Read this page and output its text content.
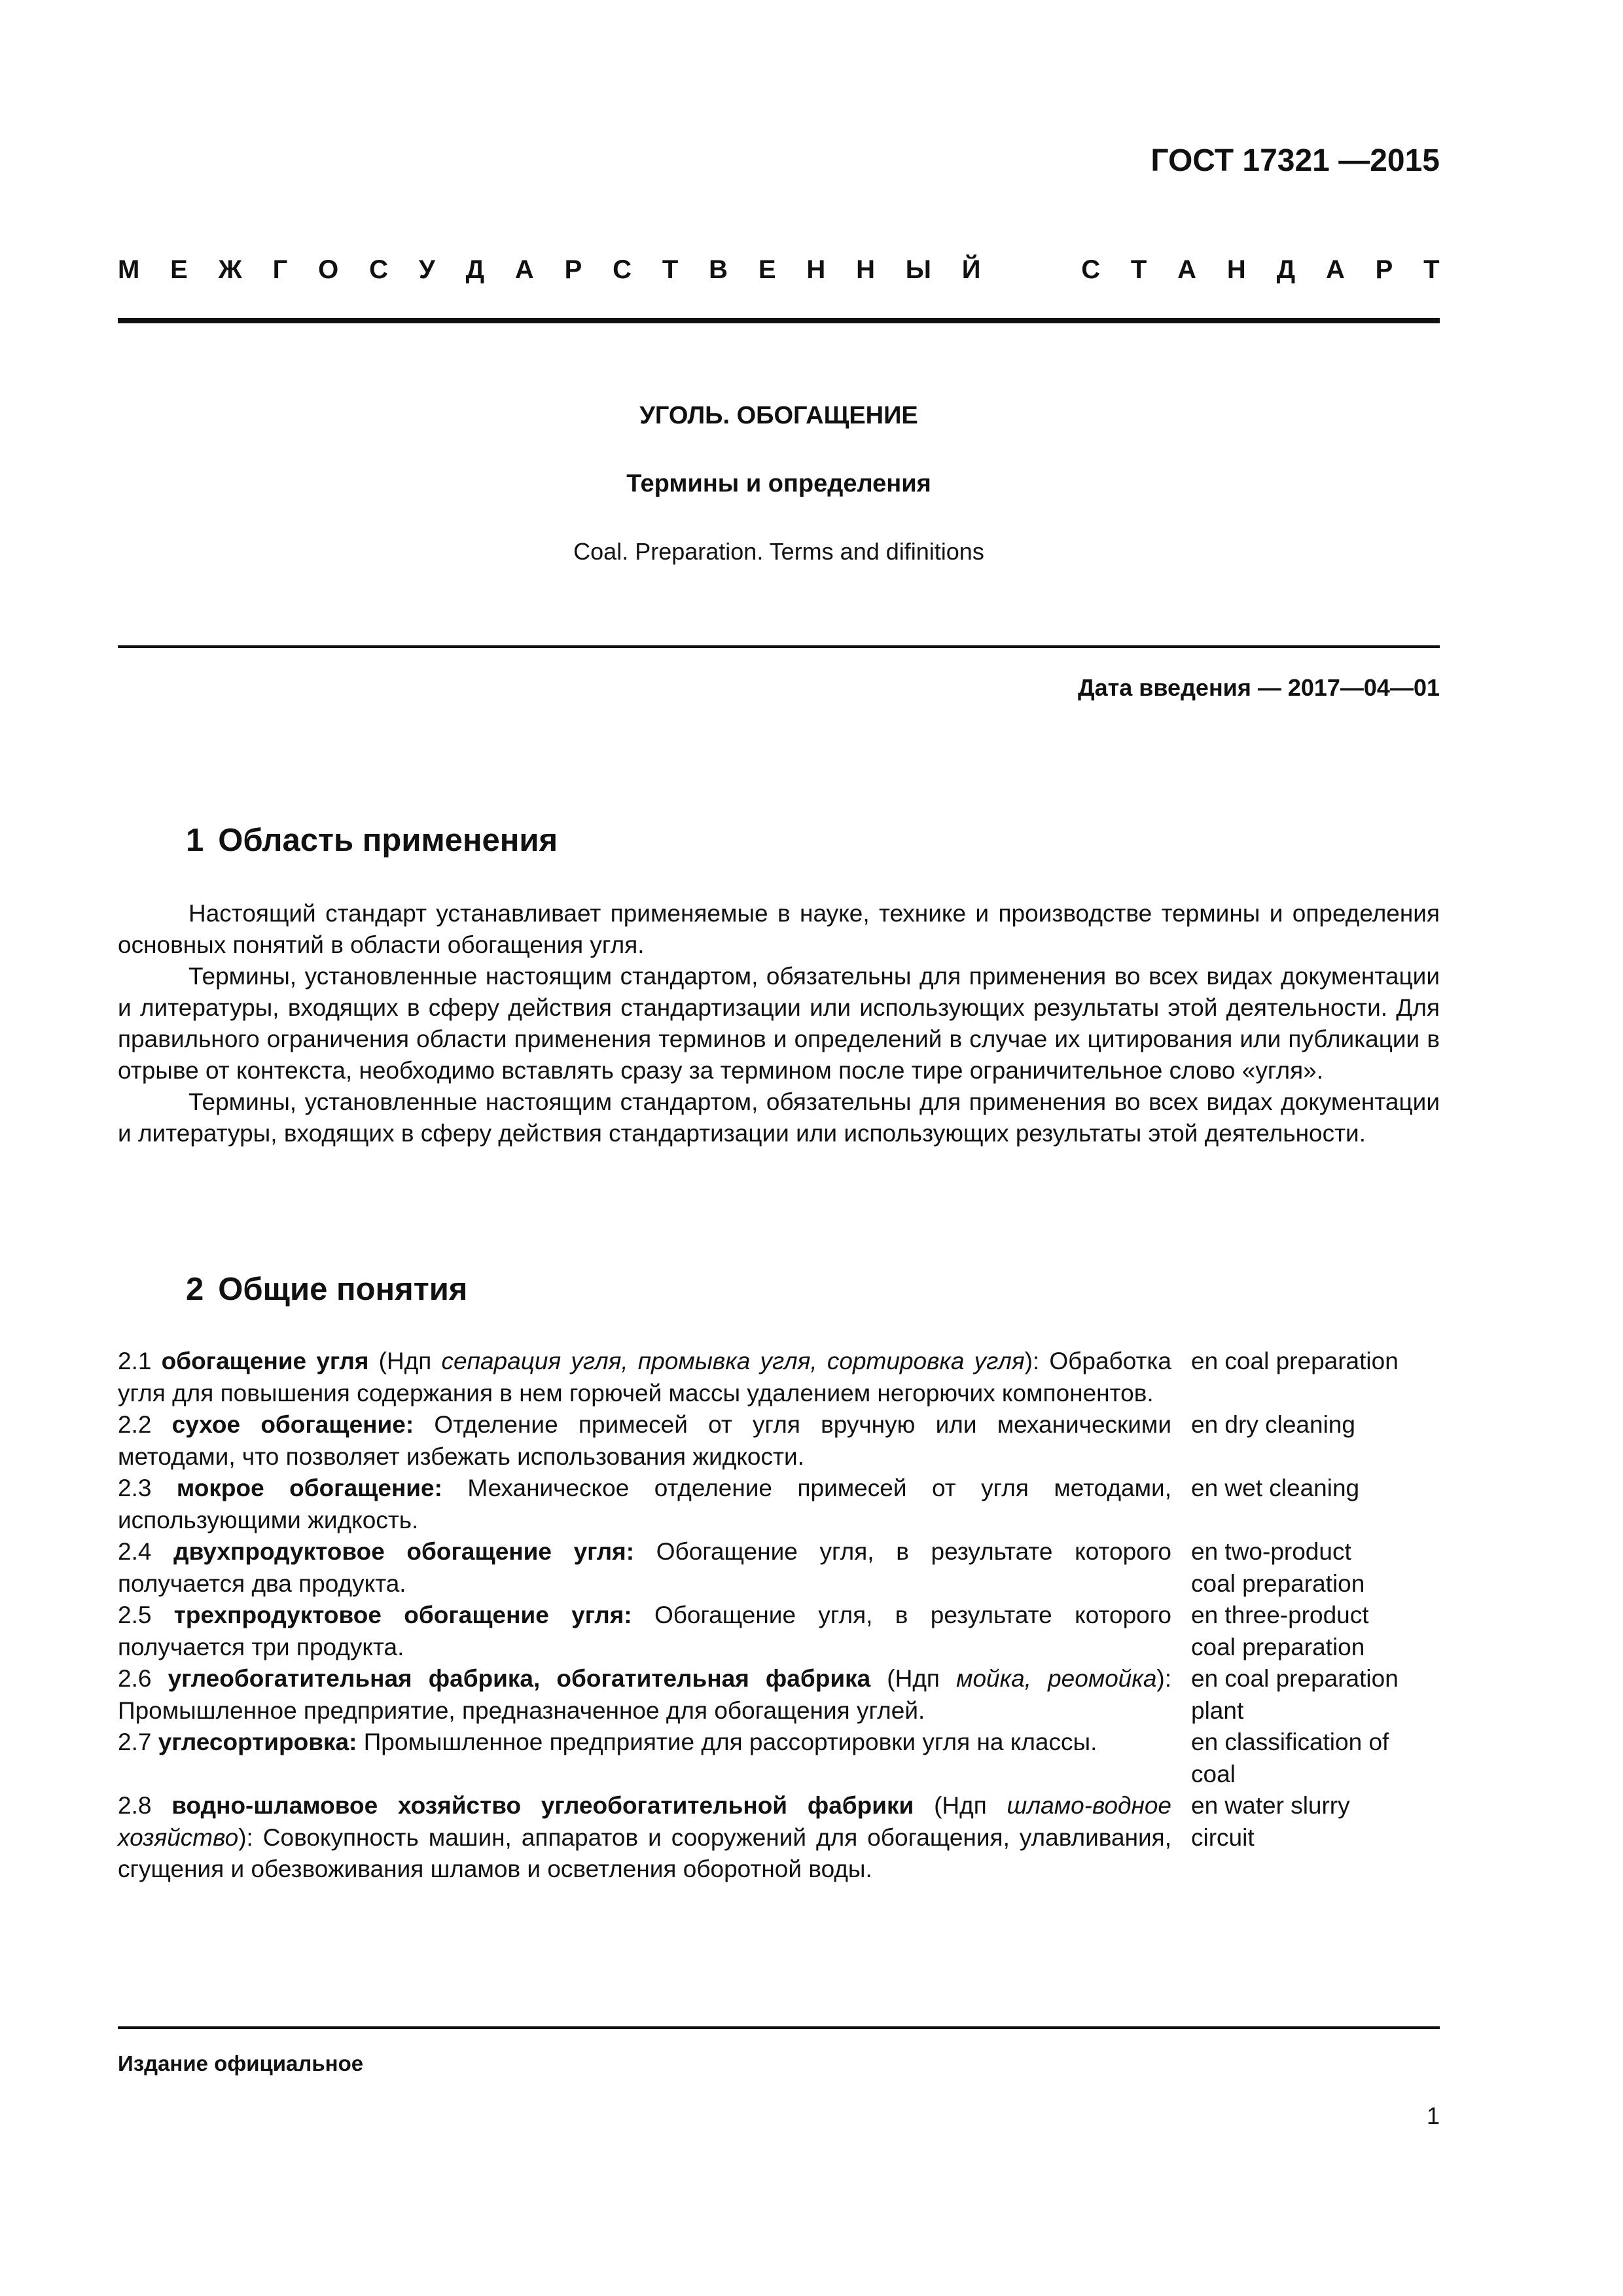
ГОСТ 17321 —2015
М Е Ж Г О С У Д А Р С Т В Е Н Н Ы Й	С Т А Н Д А Р Т
УГОЛЬ. ОБОГАЩЕНИЕ
Термины и определения
Coal. Preparation. Terms and difinitions
Дата введения — 2017—04—01
1 Область применения

Настоящий стандарт устанавливает применяемые в науке, технике и производстве термины и определения основных понятий в области обогащения угля.

Термины, установленные настоящим стандартом, обязательны для применения во всех видах документации и литературы, входящих в сферу действия стандартизации или использующих результаты этой деятельности. Для правильного ограничения области применения терминов и определений в случае их цитирования или публикации в отрыве от контекста, необходимо вставлять сразу за термином после тире ограничительное слово «угля».

Термины, установленные настоящим стандартом, обязательны для применения во всех видах документации и литературы, входящих в сферу действия стандартизации или использующих результаты этой деятельности.

2 Общие понятия

2.1 обогащение угля (Ндп сепарация угля, промывка угля, сортировка угля): Обработка угля для повышения содержания в нем горючей массы удалением негорючих компонентов.

en coal preparation

2.2 сухое обогащение: Отделение примесей от угля вручную или механическими методами, что позволяет избежать использования жидкости.

en dry cleaning

2.3 мокрое обогащение: Механическое отделение примесей от угля методами, использующими жидкость.

en wet cleaning

2.4 двухпродуктовое обогащение угля: Обогащение угля, в результате которого получается два продукта.

en two-product
coal preparation

2.5 трехпродуктовое обогащение угля: Обогащение угля, в результате которого получается три продукта.

en three-product
coal preparation

2.6 углеобогатительная фабрика, обогатительная фабрика (Ндп мойка, реомойка): Промышленное предприятие, предназначенное для обогащения углей.

en coal preparation
plant

2.7 углесортировка: Промышленное предприятие для рассортировки угля на классы.	en classification of
coal

2.8 водно-шламовое хозяйство углеобогатительной фабрики (Ндп шламо-водное хозяйство): Совокупность машин, аппаратов и сооружений для обогащения, улавливания, сгущения и обезвоживания шламов и осветления оборотной воды.

en water slurry
circuit
Издание официальное
1
